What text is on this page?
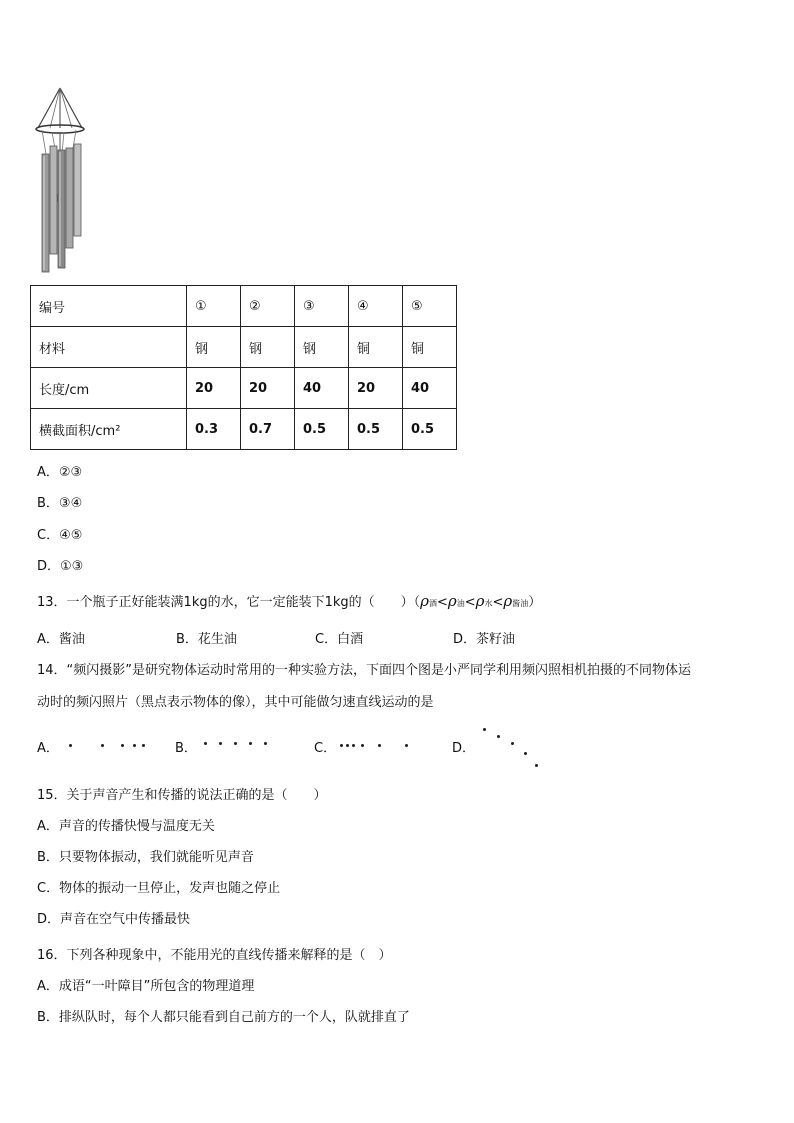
编号	①	②	③	④	⑤
材料	钢	钢	钢	铜	铜
长度/cm	20	20	40	20	40
横截面积/cm²	0.3	0.7	0.5	0.5	0.5
A．②③
B．③④
C．④⑤
D．①③
13．一个瓶子正好能装满1kg的水，它一定能装下1kg的（　　）（ρ酒<ρ油<ρ水<ρ酱油）
A．酱油	B．花生油	C．白酒	D．茶籽油
14．“频闪摄影”是研究物体运动时常用的一种实验方法，下面四个图是小严同学利用频闪照相机拍摄的不同物体运
动时的频闪照片（黑点表示物体的像），其中可能做匀速直线运动的是
A．	B．	C．	D．
15．关于声音产生和传播的说法正确的是（　　）
A．声音的传播快慢与温度无关
B．只要物体振动，我们就能听见声音
C．物体的振动一旦停止，发声也随之停止
D．声音在空气中传播最快
16．下列各种现象中，不能用光的直线传播来解释的是（　）
A．成语“一叶障目”所包含的物理道理
B．排纵队时，每个人都只能看到自己前方的一个人，队就排直了
